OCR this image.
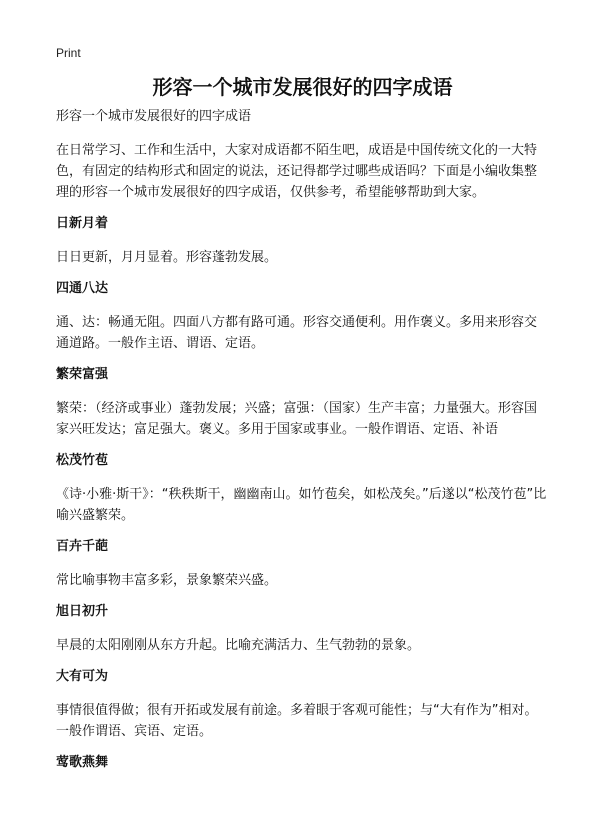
Print
形容一个城市发展很好的四字成语
形容一个城市发展很好的四字成语

在日常学习、工作和生活中，大家对成语都不陌生吧，成语是中国传统文化的一大特色，有固定的结构形式和固定的说法，还记得都学过哪些成语吗？下面是小编收集整理的形容一个城市发展很好的四字成语，仅供参考，希望能够帮助到大家。

日新月着

日日更新，月月显着。形容蓬勃发展。

四通八达

通、达：畅通无阻。四面八方都有路可通。形容交通便利。用作褒义。多用来形容交通道路。一般作主语、谓语、定语。

繁荣富强

繁荣：（经济或事业）蓬勃发展；兴盛；富强：（国家）生产丰富；力量强大。形容国家兴旺发达；富足强大。褒义。多用于国家或事业。一般作谓语、定语、补语

松茂竹苞

《诗·小雅·斯干》：“秩秩斯干，幽幽南山。如竹苞矣，如松茂矣。”后遂以“松茂竹苞”比喻兴盛繁荣。

百卉千葩

常比喻事物丰富多彩，景象繁荣兴盛。

旭日初升

早晨的太阳刚刚从东方升起。比喻充满活力、生气勃勃的景象。

大有可为

事情很值得做；很有开拓或发展有前途。多着眼于客观可能性；与“大有作为”相对。一般作谓语、宾语、定语。

莺歌燕舞
